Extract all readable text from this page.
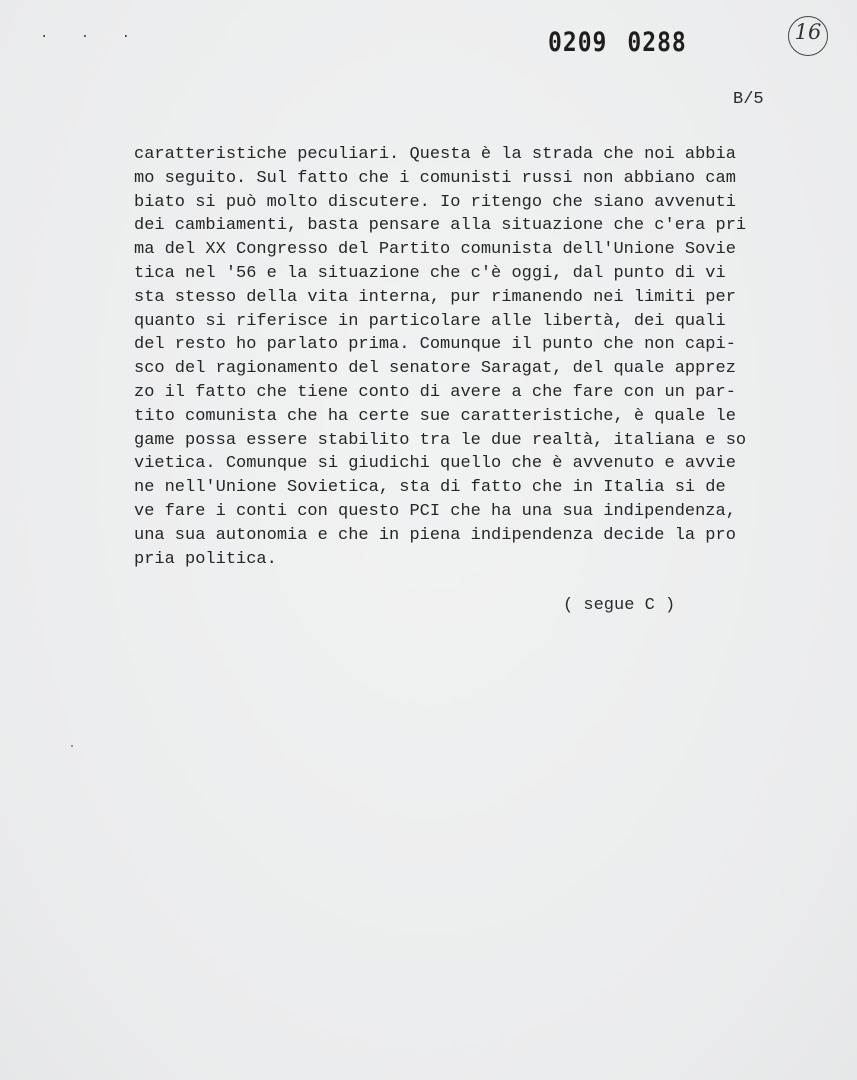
. . .	0209 0288	16
B/5
caratteristiche peculiari. Questa è la strada che noi abbia
mo seguito. Sul fatto che i comunisti russi non abbiano cam
biato si può molto discutere. Io ritengo che siano avvenuti
dei cambiamenti, basta pensare alla situazione che c'era pri
ma del XX Congresso del Partito comunista dell'Unione Sovie
tica nel '56 e la situazione che c'è oggi, dal punto di vi
sta stesso della vita interna, pur rimanendo nei limiti per
quanto si riferisce in particolare alle libertà, dei quali
del resto ho parlato prima. Comunque il punto che non capi-
sco del ragionamento del senatore Saragat, del quale apprez
zo il fatto che tiene conto di avere a che fare con un par-
tito comunista che ha certe sue caratteristiche, è quale le
game possa essere stabilito tra le due realtà, italiana e so
vietica. Comunque si giudichi quello che è avvenuto e avvie
ne nell'Unione Sovietica, sta di fatto che in Italia si de
ve fare i conti con questo PCI che ha una sua indipendenza,
una sua autonomia e che in piena indipendenza decide la pro
pria politica.
( segue C )
